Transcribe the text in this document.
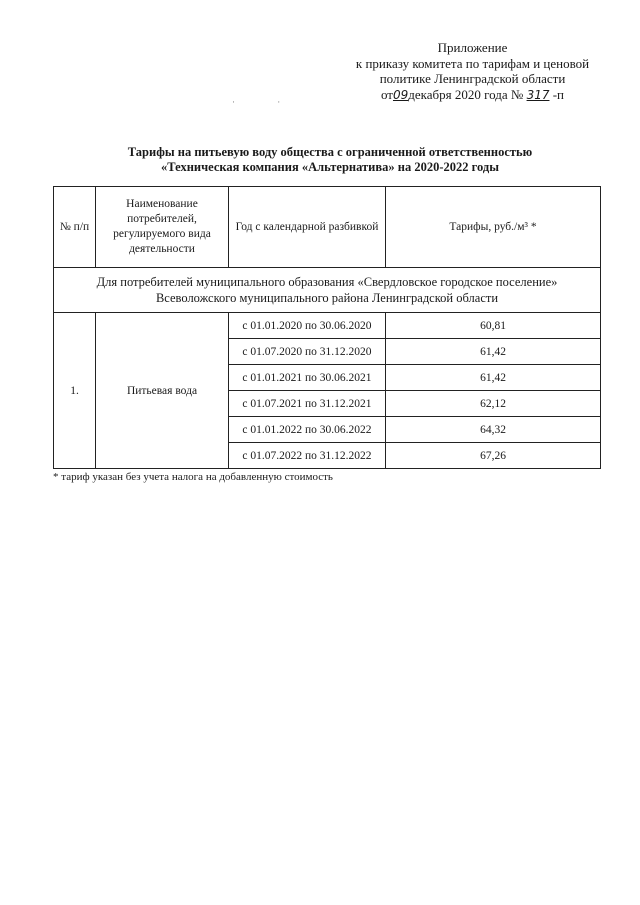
Приложение
к приказу комитета по тарифам и ценовой
политике Ленинградской области
от09декабря 2020 года № 317 -п
· ·
Тарифы на питьевую воду общества с ограниченной ответственностью
«Техническая компания «Альтернатива» на 2020-2022 годы
№ п/п	Наименование потребителей, регулируемого вида деятельности	Год с календарной разбивкой	Тарифы, руб./м³ *
Для потребителей муниципального образования «Свердловское городское поселение»
Всеволожского муниципального района Ленинградской области			
1.	Питьевая вода	с 01.01.2020 по 30.06.2020	60,81
		с 01.07.2020 по 31.12.2020	61,42
		с 01.01.2021 по 30.06.2021	61,42
		с 01.07.2021 по 31.12.2021	62,12
		с 01.01.2022 по 30.06.2022	64,32
		с 01.07.2022 по 31.12.2022	67,26
* тариф указан без учета налога на добавленную стоимость
